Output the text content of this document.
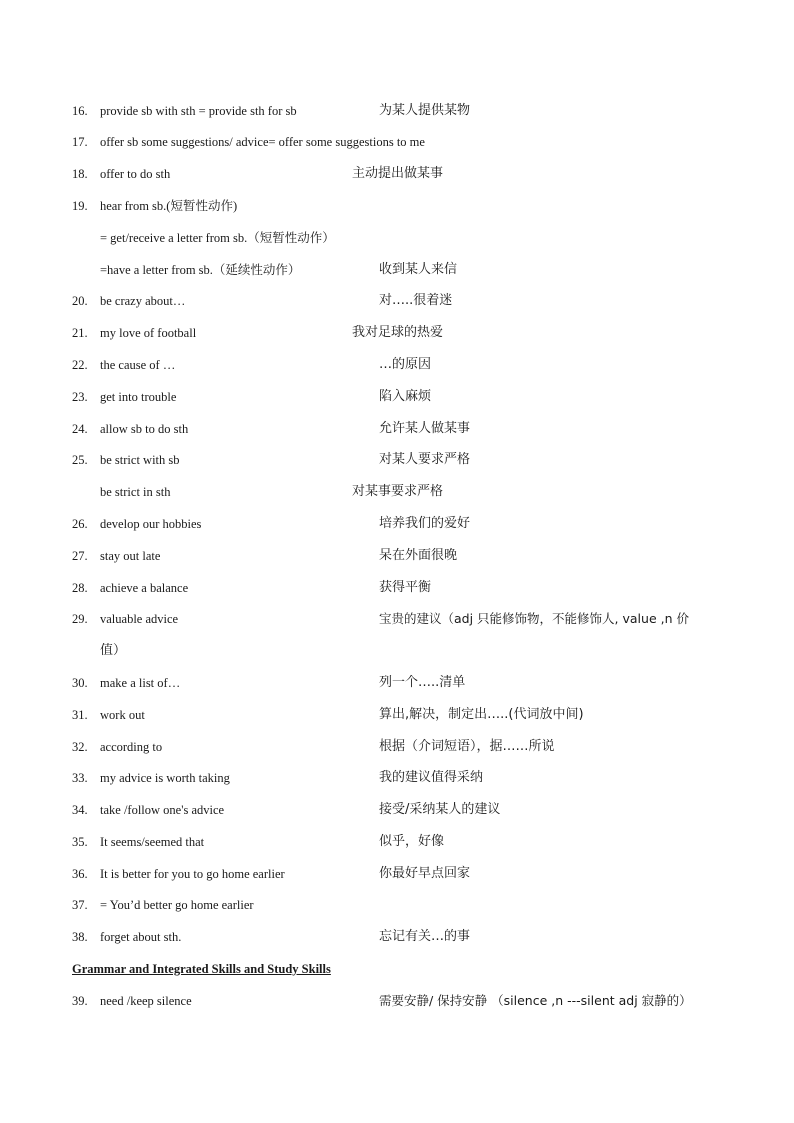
16. provide sb with sth = provide sth for sb	为某人提供某物
17. offer sb some suggestions/ advice= offer some suggestions to me
18. offer to do sth	主动提出做某事
19. hear from sb.(短暂性动作)
= get/receive a letter from sb.（短暂性动作）
=have a letter from sb.（延续性动作）	收到某人来信
20. be crazy about…	对…..很着迷
21. my love of football	我对足球的热爱
22. the cause of …	…的原因
23. get into trouble	陷入麻烦
24. allow sb to do sth	允许某人做某事
25. be strict with sb	对某人要求严格
be strict in sth	对某事要求严格
26. develop our hobbies	培养我们的爱好
27. stay out late	呆在外面很晚
28. achieve a balance	获得平衡
29. valuable advice	宝贵的建议（adj 只能修饰物，不能修饰人, value ,n 价
值）
30. make a list of…	列一个…..清单
31. work out	算出,解决，制定出…..(代词放中间)
32. according to	根据（介词短语），据……所说
33. my advice is worth taking	我的建议值得采纳
34. take /follow one's advice	接受/采纳某人的建议
35. It seems/seemed that	似乎，好像
36. It is better for you to go home earlier	你最好早点回家
37. = You’d better go home earlier
38. forget about sth.	忘记有关…的事
Grammar and Integrated Skills and Study Skills
39. need /keep silence	需要安静/ 保持安静 （silence ,n ---silent adj 寂静的）
